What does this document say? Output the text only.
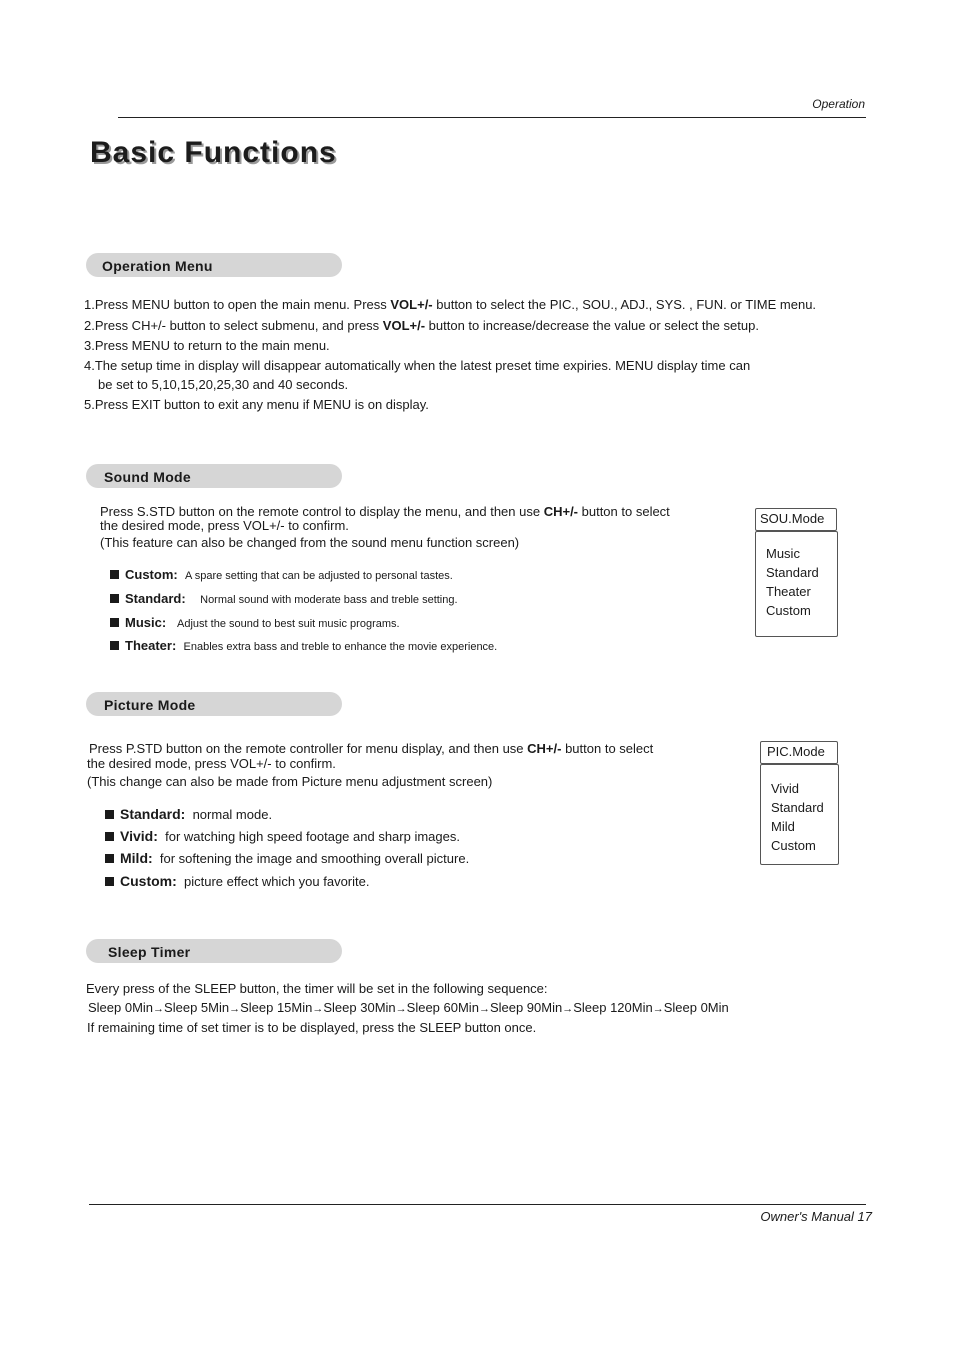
Operation
Basic Functions
Operation Menu
1.Press MENU button to open the main menu. Press VOL+/- button to select the PIC., SOU., ADJ., SYS. , FUN. or TIME menu.
2.Press CH+/- button to select submenu, and press VOL+/- button to increase/decrease the value or select the setup.
3.Press MENU to return to the main menu.
4.The setup time in display will disappear automatically when the latest preset time expiries. MENU display time can
be set to 5,10,15,20,25,30 and 40 seconds.
5.Press EXIT button to exit any menu if MENU is on display.
Sound Mode
Press S.STD button on the remote control to display the menu, and then use CH+/- button to select
the desired mode, press VOL+/- to confirm.
(This feature can also be changed from the sound menu function screen)
Custom: A spare setting that can be adjusted to personal tastes.
Standard: Normal sound with moderate bass and treble setting.
Music: Adjust the sound to best suit music programs.
Theater: Enables extra bass and treble to enhance the movie experience.
SOU.Mode
Music
Standard
Theater
Custom
Picture Mode
Press P.STD button on the remote controller for menu display, and then use CH+/- button to select
the desired mode, press VOL+/- to confirm.
(This change can also be made from Picture menu adjustment screen)
Standard: normal mode.
Vivid: for watching high speed footage and sharp images.
Mild: for softening the image and smoothing overall picture.
Custom: picture effect which you favorite.
PIC.Mode
Vivid
Standard
Mild
Custom
Sleep Timer
Every press of the SLEEP button, the timer will be set in the following sequence:
Sleep 0Min→Sleep 5Min→Sleep 15Min→Sleep 30Min→Sleep 60Min→Sleep 90Min→Sleep 120Min→Sleep 0Min
If remaining time of set timer is to be displayed, press the SLEEP button once.
Owner's Manual 17
